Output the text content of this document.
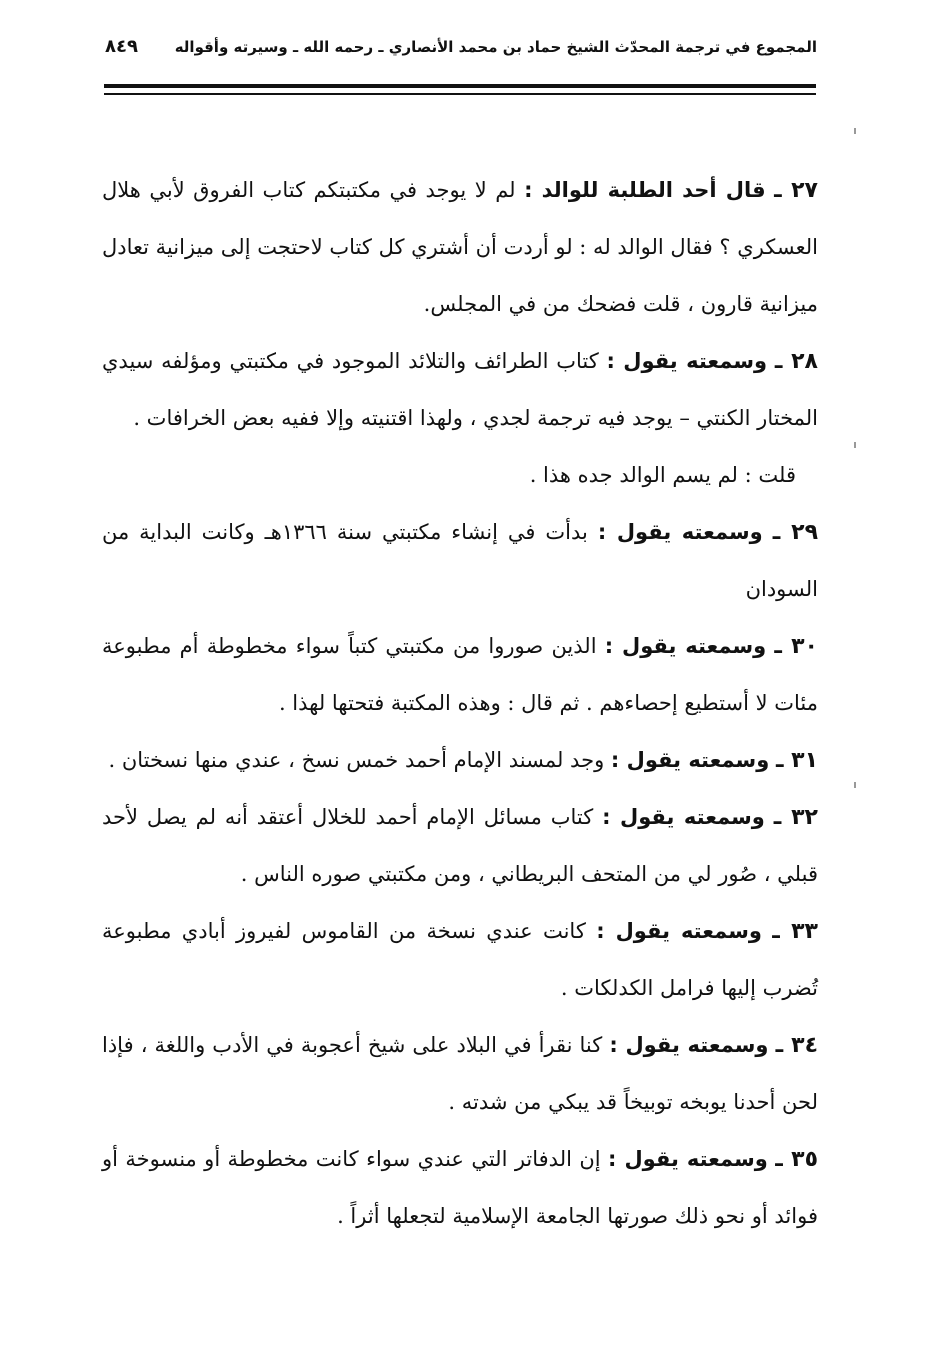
المجموع في ترجمة المحدّث الشيخ حماد بن محمد الأنصاري ـ رحمه الله ـ وسيرته وأقواله
٨٤٩
٢٧ ـ قال أحد الطلبة للوالد : لم لا يوجد في مكتبتكم كتاب الفروق لأبي هلال العسكري ؟ فقال الوالد له : لو أردت أن أشتري كل كتاب لاحتجت إلى ميزانية تعادل ميزانية قارون ، قلت فضحك من في المجلس.
٢٨ ـ وسمعته يقول : كتاب الطرائف والتلائد الموجود في مكتبتي ومؤلفه سيدي المختار الكنتي – يوجد فيه ترجمة لجدي ، ولهذا اقتنيته وإلا ففيه بعض الخرافات .
قلت : لم يسم الوالد جده هذا .
٢٩ ـ وسمعته يقول : بدأت في إنشاء مكتبتي سنة ١٣٦٦هـ وكانت البداية من السودان
٣٠ ـ وسمعته يقول : الذين صوروا من مكتبتي كتباً سواء مخطوطة أم مطبوعة مئات لا أستطيع إحصاءهم . ثم قال : وهذه المكتبة فتحتها لهذا .
٣١ ـ وسمعته يقول : وجد لمسند الإمام أحمد خمس نسخ ، عندي منها نسختان .
٣٢ ـ وسمعته يقول : كتاب مسائل الإمام أحمد للخلال أعتقد أنه لم يصل لأحد قبلي ، صُور لي من المتحف البريطاني ، ومن مكتبتي صوره الناس .
٣٣ ـ وسمعته يقول : كانت عندي نسخة من القاموس لفيروز أبادي مطبوعة تُضرب إليها فرامل الكدلكات .
٣٤ ـ وسمعته يقول : كنا نقرأ في البلاد على شيخ أعجوبة في الأدب واللغة ، فإذا لحن أحدنا يوبخه توبيخاً قد يبكي من شدته .
٣٥ ـ وسمعته يقول : إن الدفاتر التي عندي سواء كانت مخطوطة أو منسوخة أو فوائد أو نحو ذلك صورتها الجامعة الإسلامية لتجعلها أثراً .
